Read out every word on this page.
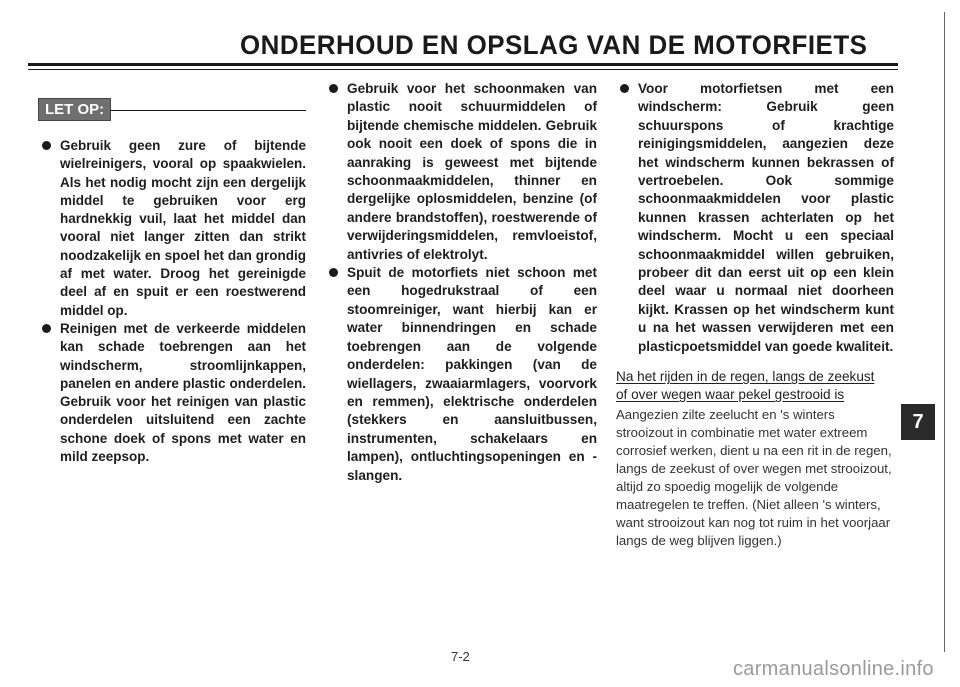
ONDERHOUD EN OPSLAG VAN DE MOTORFIETS
LET OP:
Gebruik geen zure of bijtende wielreinigers, vooral op spaakwielen. Als het nodig mocht zijn een dergelijk middel te gebruiken voor erg hardnekkig vuil, laat het middel dan vooral niet langer zitten dan strikt noodzakelijk en spoel het dan grondig af met water. Droog het gereinigde deel af en spuit er een roestwerend middel op.
Reinigen met de verkeerde middelen kan schade toebrengen aan het windscherm, stroomlijnkappen, panelen en andere plastic onderdelen. Gebruik voor het reinigen van plastic onderdelen uitsluitend een zachte schone doek of spons met water en mild zeepsop.
Gebruik voor het schoonmaken van plastic nooit schuurmiddelen of bijtende chemische middelen. Gebruik ook nooit een doek of spons die in aanraking is geweest met bijtende schoonmaakmiddelen, thinner en dergelijke oplosmiddelen, benzine (of andere brandstoffen), roestwerende of verwijderingsmiddelen, remvloeistof, antivries of elektrolyt.
Spuit de motorfiets niet schoon met een hogedrukstraal of een stoomreiniger, want hierbij kan er water binnendringen en schade toebrengen aan de volgende onderdelen: pakkingen (van de wiellagers, zwaaiarmlagers, voorvork en remmen), elektrische onderdelen (stekkers en aansluitbussen, instrumenten, schakelaars en lampen), ontluchtingsopeningen en -slangen.
Voor motorfietsen met een windscherm: Gebruik geen schuurspons of krachtige reinigingsmiddelen, aangezien deze het windscherm kunnen bekrassen of vertroebelen. Ook sommige schoonmaakmiddelen voor plastic kunnen krassen achterlaten op het windscherm. Mocht u een speciaal schoonmaakmiddel willen gebruiken, probeer dit dan eerst uit op een klein deel waar u normaal niet doorheen kijkt. Krassen op het windscherm kunt u na het wassen verwijderen met een plasticpoetsmiddel van goede kwaliteit.
Na het rijden in de regen, langs de zeekust of over wegen waar pekel gestrooid is
Aangezien zilte zeelucht en 's winters strooizout in combinatie met water extreem corrosief werken, dient u na een rit in de regen, langs de zeekust of over wegen met strooizout, altijd zo spoedig mogelijk de volgende maatregelen te treffen. (Niet alleen 's winters, want strooizout kan nog tot ruim in het voorjaar langs de weg blijven liggen.)
7
7-2
carmanualsonline.info
